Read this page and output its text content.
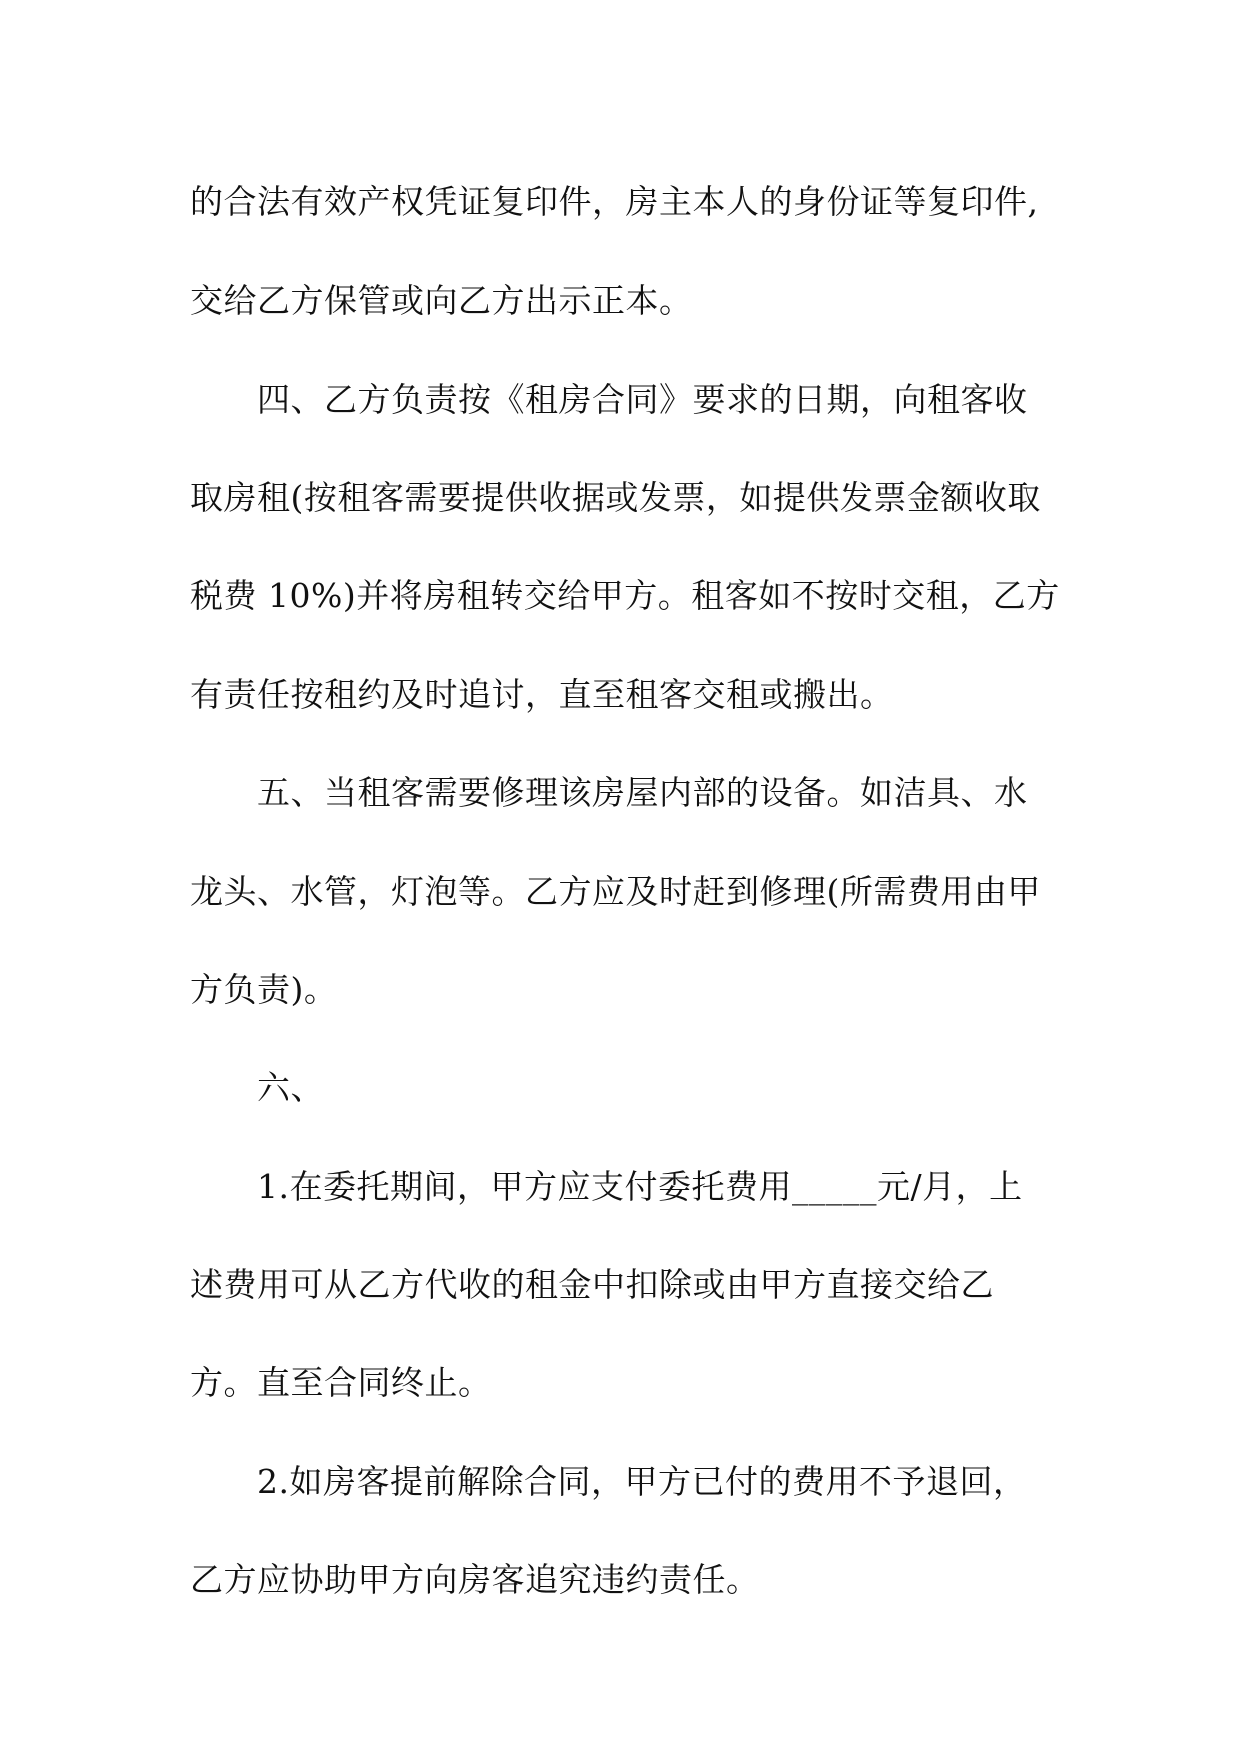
的合法有效产权凭证复印件，房主本人的身份证等复印件,
交给乙方保管或向乙方出示正本。
四、乙方负责按《租房合同》要求的日期，向租客收
取房租(按租客需要提供收据或发票，如提供发票金额收取
税费 10%)并将房租转交给甲方。租客如不按时交租，乙方
有责任按租约及时追讨，直至租客交租或搬出。
五、当租客需要修理该房屋内部的设备。如洁具、水
龙头、水管，灯泡等。乙方应及时赶到修理(所需费用由甲
方负责)。
六、
1.在委托期间，甲方应支付委托费用_____元/月，上
述费用可从乙方代收的租金中扣除或由甲方直接交给乙
方。直至合同终止。
2.如房客提前解除合同，甲方已付的费用不予退回，
乙方应协助甲方向房客追究违约责任。
